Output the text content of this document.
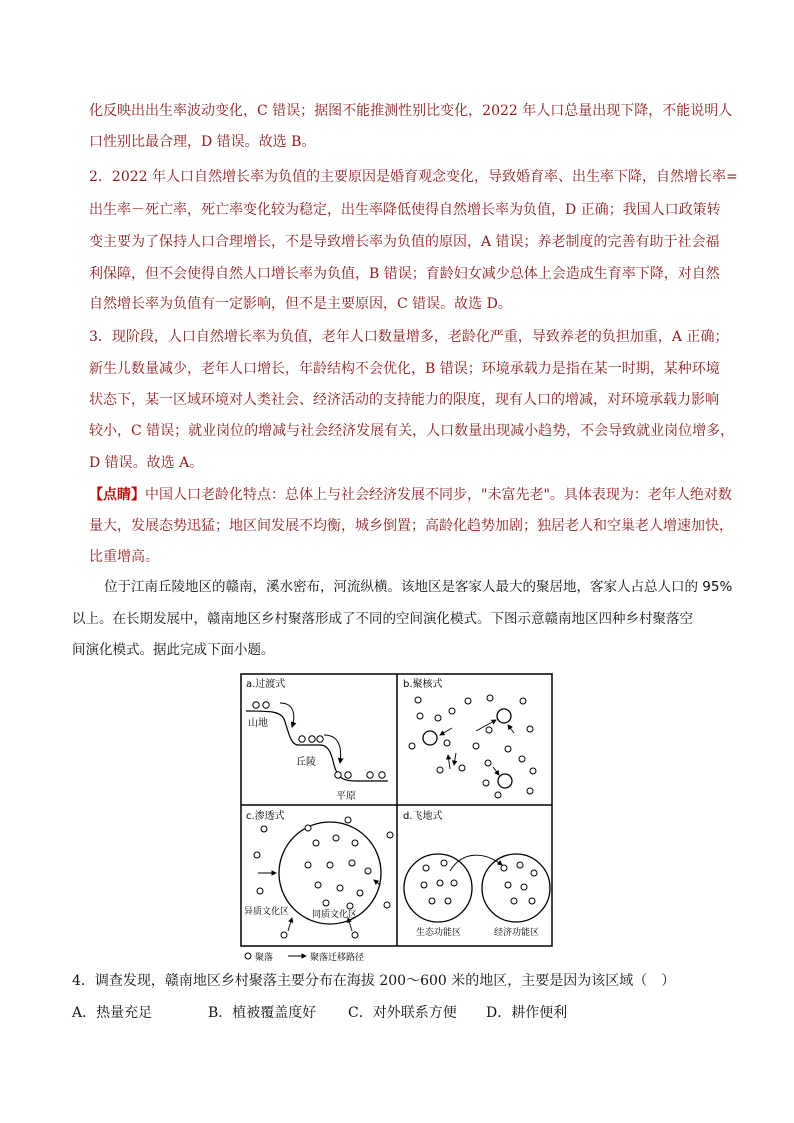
化反映出出生率波动变化，C 错误；据图不能推测性别比变化，2022 年人口总量出现下降，不能说明人
口性别比最合理，D 错误。故选 B。
2．2022 年人口自然增长率为负值的主要原因是婚育观念变化，导致婚育率、出生率下降，自然增长率=
出生率－死亡率，死亡率变化较为稳定，出生率降低使得自然增长率为负值，D 正确；我国人口政策转
变主要为了保持人口合理增长，不是导致增长率为负值的原因，A 错误；养老制度的完善有助于社会福
利保障，但不会使得自然人口增长率为负值，B 错误；育龄妇女减少总体上会造成生育率下降，对自然
自然增长率为负值有一定影响，但不是主要原因，C 错误。故选 D。
3．现阶段，人口自然增长率为负值，老年人口数量增多，老龄化严重，导致养老的负担加重，A 正确；
新生儿数量减少，老年人口增长，年龄结构不会优化，B 错误；环境承载力是指在某一时期，某种环境
状态下，某一区域环境对人类社会、经济活动的支持能力的限度，现有人口的增减，对环境承载力影响
较小，C 错误；就业岗位的增减与社会经济发展有关，人口数量出现减小趋势，不会导致就业岗位增多，
D 错误。故选 A。
【点睛】中国人口老龄化特点：总体上与社会经济发展不同步，"未富先老"。具体表现为：老年人绝对数
量大，发展态势迅猛；地区间发展不均衡，城乡倒置；高龄化趋势加剧；独居老人和空巢老人增速加快，
比重增高。
位于江南丘陵地区的赣南，溪水密布，河流纵横。该地区是客家人最大的聚居地，客家人占总人口的 95%
以上。在长期发展中，赣南地区乡村聚落形成了不同的空间演化模式。下图示意赣南地区四种乡村聚落空
间演化模式。据此完成下面小题。
a.过渡式
山地
丘陵
平原
b.聚核式
c.渗透式
异质文化区	同质文化区
d.飞地式
生态功能区	经济功能区
聚落	聚落迁移路径
4．调查发现，赣南地区乡村聚落主要分布在海拔 200～600 米的地区，主要是因为该区域（　）
A．热量充足	B．植被覆盖度好 C．对外联系方便 D．耕作便利
